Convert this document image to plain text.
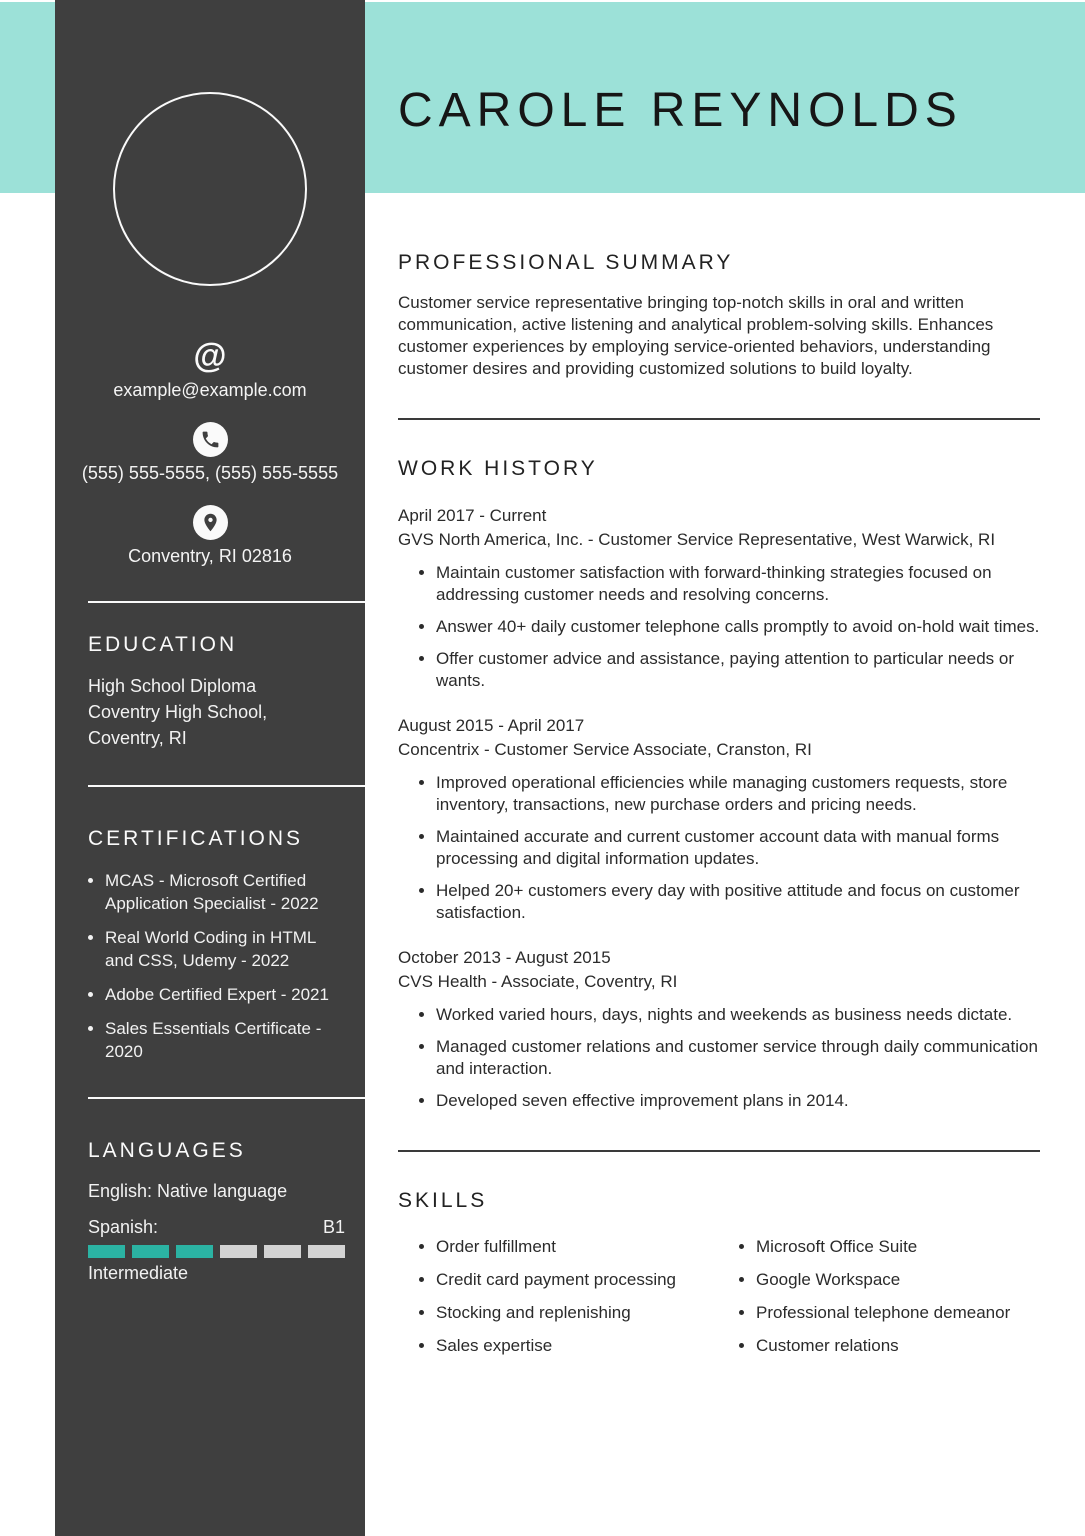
@
example@example.com
(555) 555-5555, (555) 555-5555
Conventry, RI 02816
EDUCATION
High School Diploma
Coventry High School,
Coventry, RI
CERTIFICATIONS
• MCAS - Microsoft Certified Application Specialist - 2022
• Real World Coding in HTML and CSS, Udemy - 2022
• Adobe Certified Expert - 2021
• Sales Essentials Certificate - 2020
LANGUAGES
English: Native language
Spanish:	B1
Intermediate
CAROLE REYNOLDS
PROFESSIONAL SUMMARY

Customer service representative bringing top-notch skills in oral and written communication, active listening and analytical problem-solving skills. Enhances customer experiences by employing service-oriented behaviors, understanding customer desires and providing customized solutions to build loyalty.

WORK HISTORY
April 2017 - Current
GVS North America, Inc. - Customer Service Representative, West Warwick, RI
• Maintain customer satisfaction with forward-thinking strategies focused on addressing customer needs and resolving concerns.
• Answer 40+ daily customer telephone calls promptly to avoid on-hold wait times.
• Offer customer advice and assistance, paying attention to particular needs or wants.
August 2015 - April 2017
Concentrix - Customer Service Associate, Cranston, RI
• Improved operational efficiencies while managing customers requests, store inventory, transactions, new purchase orders and pricing needs.
• Maintained accurate and current customer account data with manual forms processing and digital information updates.
• Helped 20+ customers every day with positive attitude and focus on customer satisfaction.
October 2013 - August 2015
CVS Health - Associate, Coventry, RI
• Worked varied hours, days, nights and weekends as business needs dictate.
• Managed customer relations and customer service through daily communication and interaction.
• Developed seven effective improvement plans in 2014.
SKILLS
• Order fulfillment
• Credit card payment processing
• Stocking and replenishing
• Sales expertise
• Microsoft Office Suite
• Google Workspace
• Professional telephone demeanor
• Customer relations
